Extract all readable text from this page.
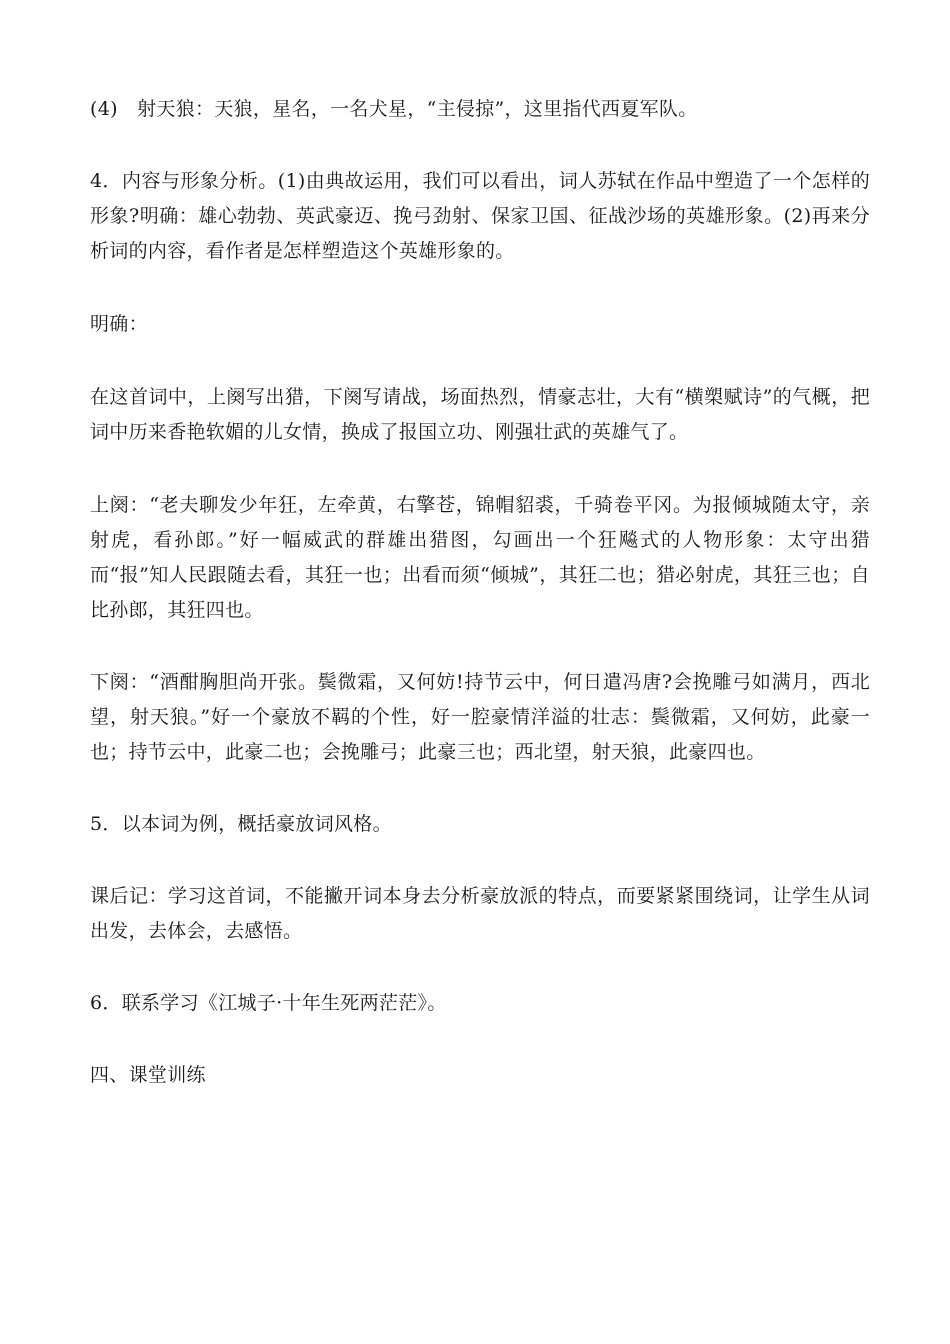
(4)　射天狼：天狼，星名，一名犬星，“主侵掠”，这里指代西夏军队。

4．内容与形象分析。(1)由典故运用，我们可以看出，词人苏轼在作品中塑造了一个怎样的形象?明确：雄心勃勃、英武豪迈、挽弓劲射、保家卫国、征战沙场的英雄形象。(2)再来分析词的内容，看作者是怎样塑造这个英雄形象的。

明确：

在这首词中，上阕写出猎，下阕写请战，场面热烈，情豪志壮，大有“横槊赋诗”的气概，把词中历来香艳软媚的儿女情，换成了报国立功、刚强壮武的英雄气了。

上阕：“老夫聊发少年狂，左牵黄，右擎苍，锦帽貂裘，千骑卷平冈。为报倾城随太守，亲射虎，看孙郎。”好一幅威武的群雄出猎图，勾画出一个狂飚式的人物形象：太守出猎而“报”知人民跟随去看，其狂一也；出看而须“倾城”，其狂二也；猎必射虎，其狂三也；自比孙郎，其狂四也。

下阕：“酒酣胸胆尚开张。鬓微霜，又何妨!持节云中，何日遣冯唐?会挽雕弓如满月，西北望，射天狼。”好一个豪放不羁的个性，好一腔豪情洋溢的壮志：鬓微霜，又何妨，此豪一也；持节云中，此豪二也；会挽雕弓；此豪三也；西北望，射天狼，此豪四也。

5．以本词为例，概括豪放词风格。

课后记：学习这首词，不能撇开词本身去分析豪放派的特点，而要紧紧围绕词，让学生从词出发，去体会，去感悟。

6．联系学习《江城子·十年生死两茫茫》。

四、课堂训练
